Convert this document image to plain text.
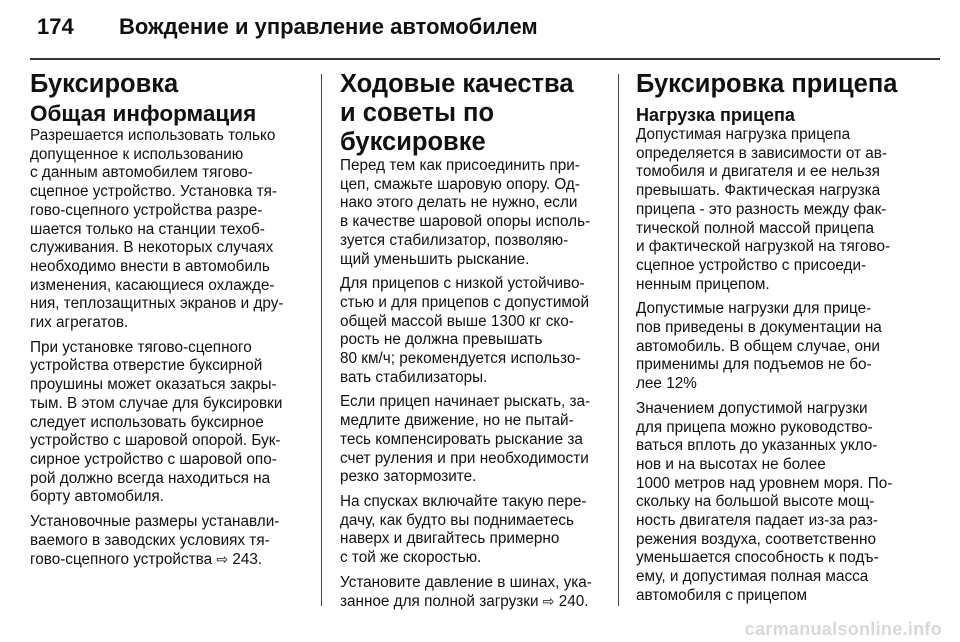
174 Вождение и управление автомобилем
Буксировка
Общая информация
Разрешается использовать только
допущенное к использованию
с данным автомобилем тягово-
сцепное устройство. Установка тя-
гово-сцепного устройства разре-
шается только на станции техоб-
служивания. В некоторых случаях
необходимо внести в автомобиль
изменения, касающиеся охлажде-
ния, теплозащитных экранов и дру-
гих агрегатов.
При установке тягово-сцепного
устройства отверстие буксирной
проушины может оказаться закры-
тым. В этом случае для буксировки
следует использовать буксирное
устройство с шаровой опорой. Бук-
сирное устройство с шаровой опо-
рой должно всегда находиться на
борту автомобиля.
Установочные размеры устанавли-
ваемого в заводских условиях тя-
гово-сцепного устройства ⇨ 243.
Ходовые качества
и советы по буксировке
Перед тем как присоединить при-
цеп, смажьте шаровую опору. Од-
нако этого делать не нужно, если
в качестве шаровой опоры исполь-
зуется стабилизатор, позволяю-
щий уменьшить рыскание.
Для прицепов с низкой устойчиво-
стью и для прицепов с допустимой
общей массой выше 1300 кг ско-
рость не должна превышать
80 км/ч; рекомендуется использо-
вать стабилизаторы.
Если прицеп начинает рыскать, за-
медлите движение, но не пытай-
тесь компенсировать рыскание за
счет руления и при необходимости
резко затормозите.
На спусках включайте такую пере-
дачу, как будто вы поднимаетесь
наверх и двигайтесь примерно
с той же скоростью.
Установите давление в шинах, ука-
занное для полной загрузки ⇨ 240.
Буксировка прицепа
Нагрузка прицепа
Допустимая нагрузка прицепа
определяется в зависимости от ав-
томобиля и двигателя и ее нельзя
превышать. Фактическая нагрузка
прицепа - это разность между фак-
тической полной массой прицепа
и фактической нагрузкой на тягово-
сцепное устройство с присоеди-
ненным прицепом.
Допустимые нагрузки для прице-
пов приведены в документации на
автомобиль. В общем случае, они
применимы для подъемов не бо-
лее 12%
Значением допустимой нагрузки
для прицепа можно руководство-
ваться вплоть до указанных укло-
нов и на высотах не более
1000 метров над уровнем моря. По-
скольку на большой высоте мощ-
ность двигателя падает из-за раз-
режения воздуха, соответственно
уменьшается способность к подъ-
ему, и допустимая полная масса
автомобиля с прицепом
carmanualsonline.info
